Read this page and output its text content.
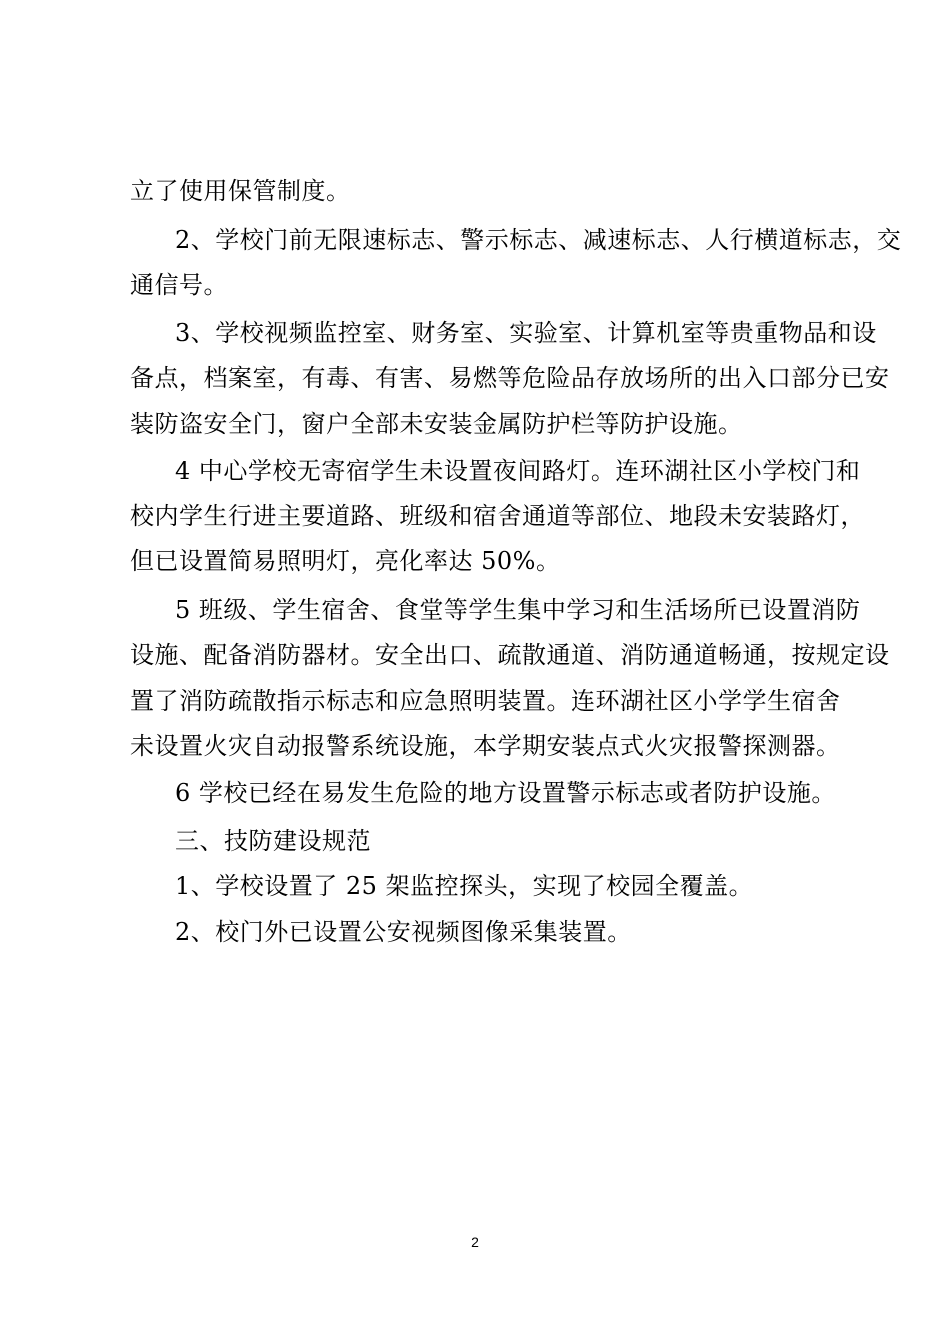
立了使用保管制度。
2、学校门前无限速标志、警示标志、减速标志、人行横道标志，交
通信号。
3、学校视频监控室、财务室、实验室、计算机室等贵重物品和设
备点，档案室，有毒、有害、易燃等危险品存放场所的出入口部分已安
装防盗安全门，窗户全部未安装金属防护栏等防护设施。
4 中心学校无寄宿学生未设置夜间路灯。连环湖社区小学校门和
校内学生行进主要道路、班级和宿舍通道等部位、地段未安装路灯，
但已设置简易照明灯，亮化率达 50%。
5 班级、学生宿舍、食堂等学生集中学习和生活场所已设置消防
设施、配备消防器材。安全出口、疏散通道、消防通道畅通，按规定设
置了消防疏散指示标志和应急照明装置。连环湖社区小学学生宿舍
未设置火灾自动报警系统设施，本学期安装点式火灾报警探测器。
6 学校已经在易发生危险的地方设置警示标志或者防护设施。
三、技防建设规范
1、学校设置了 25 架监控探头，实现了校园全覆盖。
2、校门外已设置公安视频图像采集装置。
2
